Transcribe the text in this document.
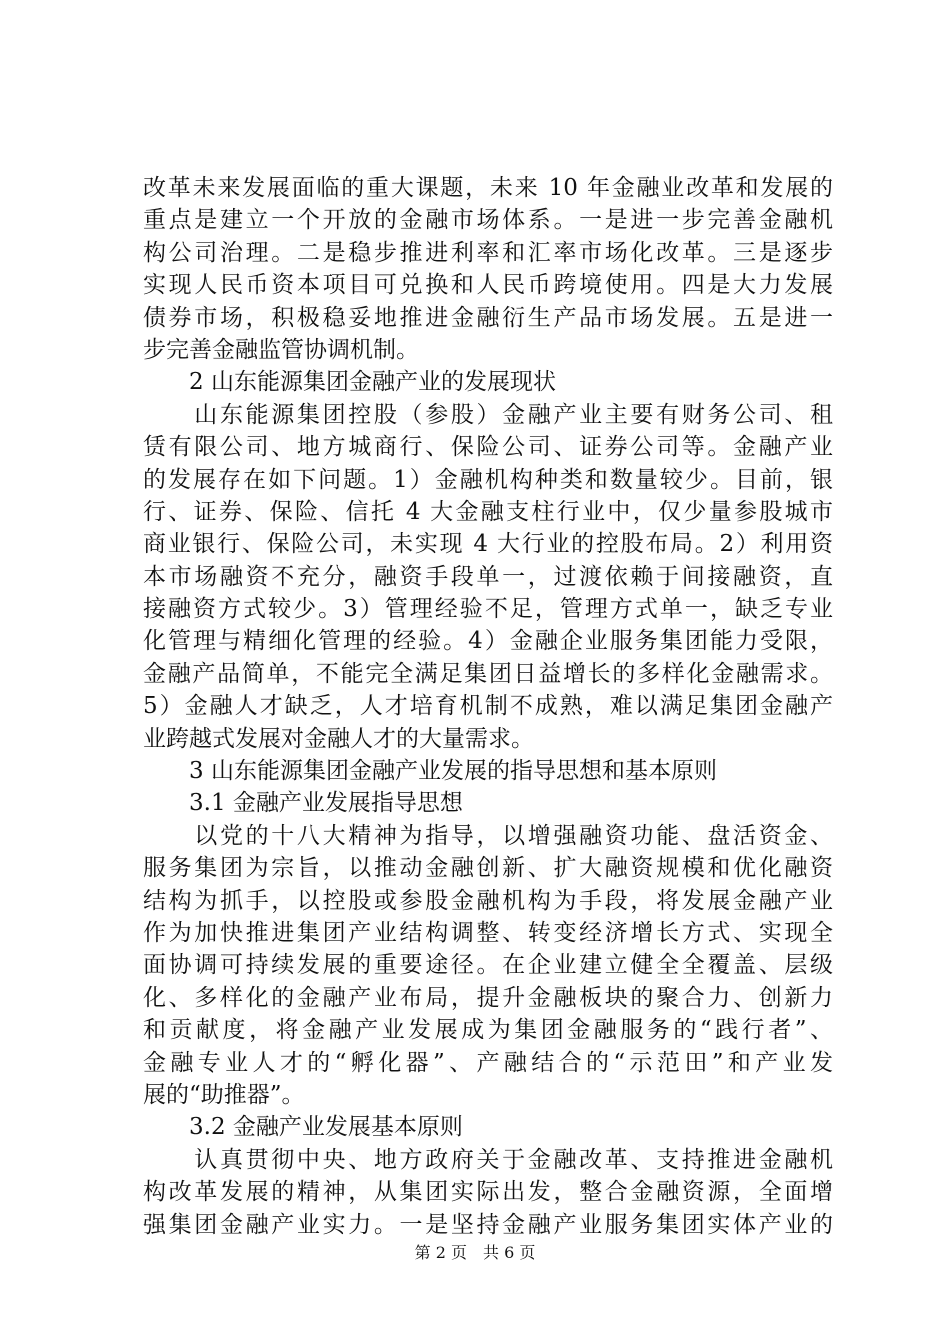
改革未来发展面临的重大课题，未来 10 年金融业改革和发展的
重点是建立一个开放的金融市场体系。一是进一步完善金融机
构公司治理。二是稳步推进利率和汇率市场化改革。三是逐步
实现人民币资本项目可兑换和人民币跨境使用。四是大力发展
债券市场，积极稳妥地推进金融衍生产品市场发展。五是进一
步完善金融监管协调机制。
　　2 山东能源集团金融产业的发展现状
　　山东能源集团控股（参股）金融产业主要有财务公司、租
赁有限公司、地方城商行、保险公司、证券公司等。金融产业
的发展存在如下问题。1）金融机构种类和数量较少。目前，银
行、证券、保险、信托 4 大金融支柱行业中，仅少量参股城市
商业银行、保险公司，未实现 4 大行业的控股布局。2）利用资
本市场融资不充分，融资手段单一，过渡依赖于间接融资，直
接融资方式较少。3）管理经验不足，管理方式单一，缺乏专业
化管理与精细化管理的经验。4）金融企业服务集团能力受限，
金融产品简单，不能完全满足集团日益增长的多样化金融需求。
5）金融人才缺乏，人才培育机制不成熟，难以满足集团金融产
业跨越式发展对金融人才的大量需求。
　　3 山东能源集团金融产业发展的指导思想和基本原则
　　3.1 金融产业发展指导思想
　　以党的十八大精神为指导，以增强融资功能、盘活资金、
服务集团为宗旨，以推动金融创新、扩大融资规模和优化融资
结构为抓手，以控股或参股金融机构为手段，将发展金融产业
作为加快推进集团产业结构调整、转变经济增长方式、实现全
面协调可持续发展的重要途径。在企业建立健全全覆盖、层级
化、多样化的金融产业布局，提升金融板块的聚合力、创新力
和贡献度，将金融产业发展成为集团金融服务的“践行者”、
金融专业人才的“孵化器”、产融结合的“示范田”和产业发
展的“助推器”。
　　3.2 金融产业发展基本原则
　　认真贯彻中央、地方政府关于金融改革、支持推进金融机
构改革发展的精神，从集团实际出发，整合金融资源，全面增
强集团金融产业实力。一是坚持金融产业服务集团实体产业的
第 2 页　共 6 页
